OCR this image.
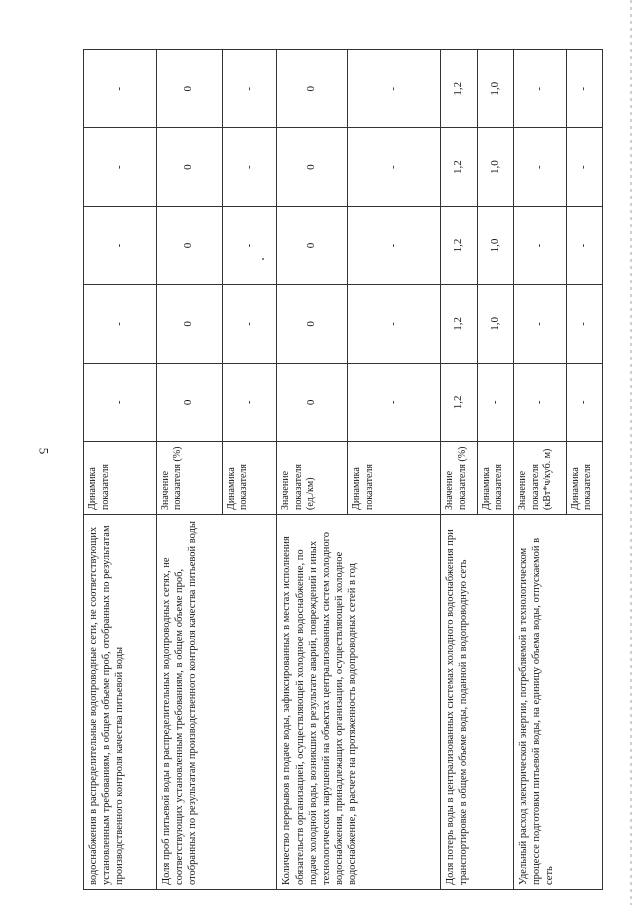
5
водоснабжения в распределительные водопроводные сети, не соответствующих установленным требованиям, в общем объеме проб, отобранных по результатам производственного контроля качества питьевой воды	Динамика показателя	-	-	-	-	-
Доля проб питьевой воды в распределительных водопроводных сетях, не соответствующих установленным требованиям, в общем объеме проб, отобранных по результатам производственного контроля качества питьевой воды	Значение показателя (%)	0	0	0	0	0
	Динамика показателя	-	-	-	-	-
Количество перерывов в подаче воды, зафиксированных в местах исполнения обязательств организацией, осуществляющей холодное водоснабжение, по подаче холодной воды, возникших в результате аварий, повреждений и иных технологических нарушений на объектах централизованных систем холодного водоснабжения, принадлежащих организации, осуществляющей холодное водоснабжение, в расчете на протяженность водопроводных сетей в год	Значение показателя (ед./км)	0	0	0	0	0
	Динамика показателя	-	-	-	-	-
Доля потерь воды в централизованных системах холодного водоснабжения при транспортировке в общем объеме воды, поданной в водопроводную сеть	Значение показателя (%)	1,2	1,2	1,2	1,2	1,2
	Динамика показателя	-	1,0	1,0	1,0	1,0
Удельный расход электрической энергии, потребляемой в технологическом процессе подготовки питьевой воды, на единицу объема воды, отпускаемой в сеть	Значение показателя (кВт*ч/куб. м)	-	-	-	-	-
	Динамика показателя	-	-	-	-	-
